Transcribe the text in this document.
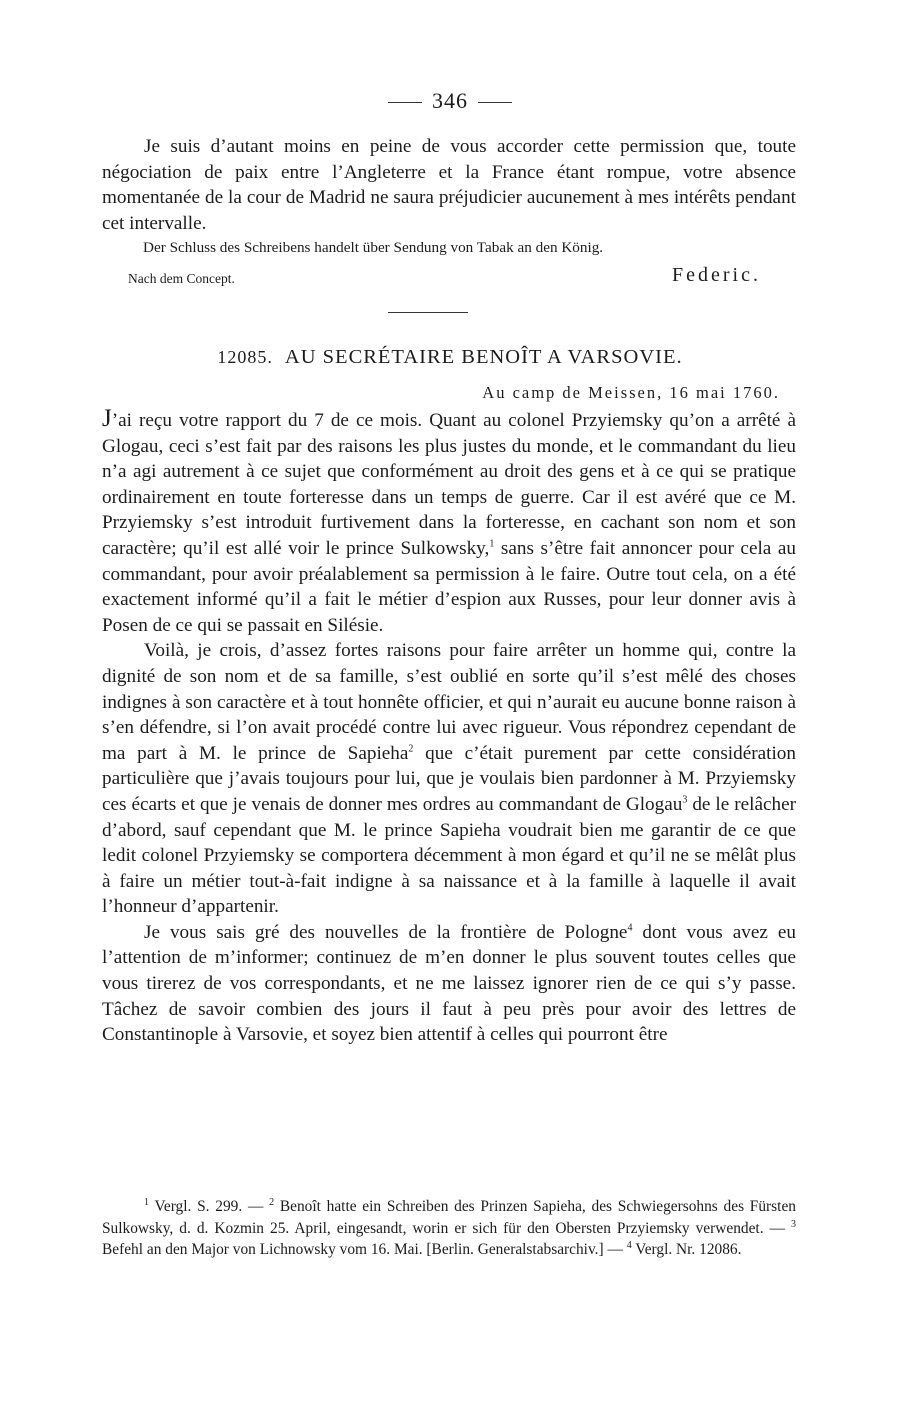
346

Je suis d’autant moins en peine de vous accorder cette permission que, toute négociation de paix entre l’Angleterre et la France étant rompue, votre absence momentanée de la cour de Madrid ne saura préjudicier aucunement à mes intérêts pendant cet intervalle.

Der Schluss des Schreibens handelt über Sendung von Tabak an den König.

Nach dem Concept.	Federic.
12085. AU SECRÉTAIRE BENOÎT A VARSOVIE.
Au camp de Meissen, 16 mai 1760.

J’ai reçu votre rapport du 7 de ce mois. Quant au colonel Przyiemsky qu’on a arrêté à Glogau, ceci s’est fait par des raisons les plus justes du monde, et le commandant du lieu n’a agi autrement à ce sujet que conformément au droit des gens et à ce qui se pratique ordinairement en toute forteresse dans un temps de guerre. Car il est avéré que ce M. Przyiemsky s’est introduit furtivement dans la forteresse, en cachant son nom et son caractère; qu’il est allé voir le prince Sulkowsky,$^1$ sans s’être fait annoncer pour cela au commandant, pour avoir préalablement sa permission à le faire. Outre tout cela, on a été exactement informé qu’il a fait le métier d’espion aux Russes, pour leur donner avis à Posen de ce qui se passait en Silésie.

Voilà, je crois, d’assez fortes raisons pour faire arrêter un homme qui, contre la dignité de son nom et de sa famille, s’est oublié en sorte qu’il s’est mêlé des choses indignes à son caractère et à tout honnête officier, et qui n’aurait eu aucune bonne raison à s’en défendre, si l’on avait procédé contre lui avec rigueur. Vous répondrez cependant de ma part à M. le prince de Sapieha$^2$ que c’était purement par cette considération particulière que j’avais toujours pour lui, que je voulais bien pardonner à M. Przyiemsky ces écarts et que je venais de donner mes ordres au commandant de Glogau$^3$ de le relâcher d’abord, sauf cependant que M. le prince Sapieha voudrait bien me garantir de ce que ledit colonel Przyiemsky se comportera décemment à mon égard et qu’il ne se mêlât plus à faire un métier tout-à-fait indigne à sa naissance et à la famille à laquelle il avait l’honneur d’appartenir.

Je vous sais gré des nouvelles de la frontière de Pologne$^4$ dont vous avez eu l’attention de m’informer; continuez de m’en donner le plus souvent toutes celles que vous tirerez de vos correspondants, et ne me laissez ignorer rien de ce qui s’y passe. Tâchez de savoir combien des jours il faut à peu près pour avoir des lettres de Constantinople à Varsovie, et soyez bien attentif à celles qui pourront être

$^1$ Vergl. S. 299. — $^2$ Benoît hatte ein Schreiben des Prinzen Sapieha, des Schwiegersohns des Fürsten Sulkowsky, d. d. Kozmin 25. April, eingesandt, worin er sich für den Obersten Przyiemsky verwendet. — $^3$ Befehl an den Major von Lichnowsky vom 16. Mai. [Berlin. Generalstabsarchiv.] — $^4$ Vergl. Nr. 12086.
